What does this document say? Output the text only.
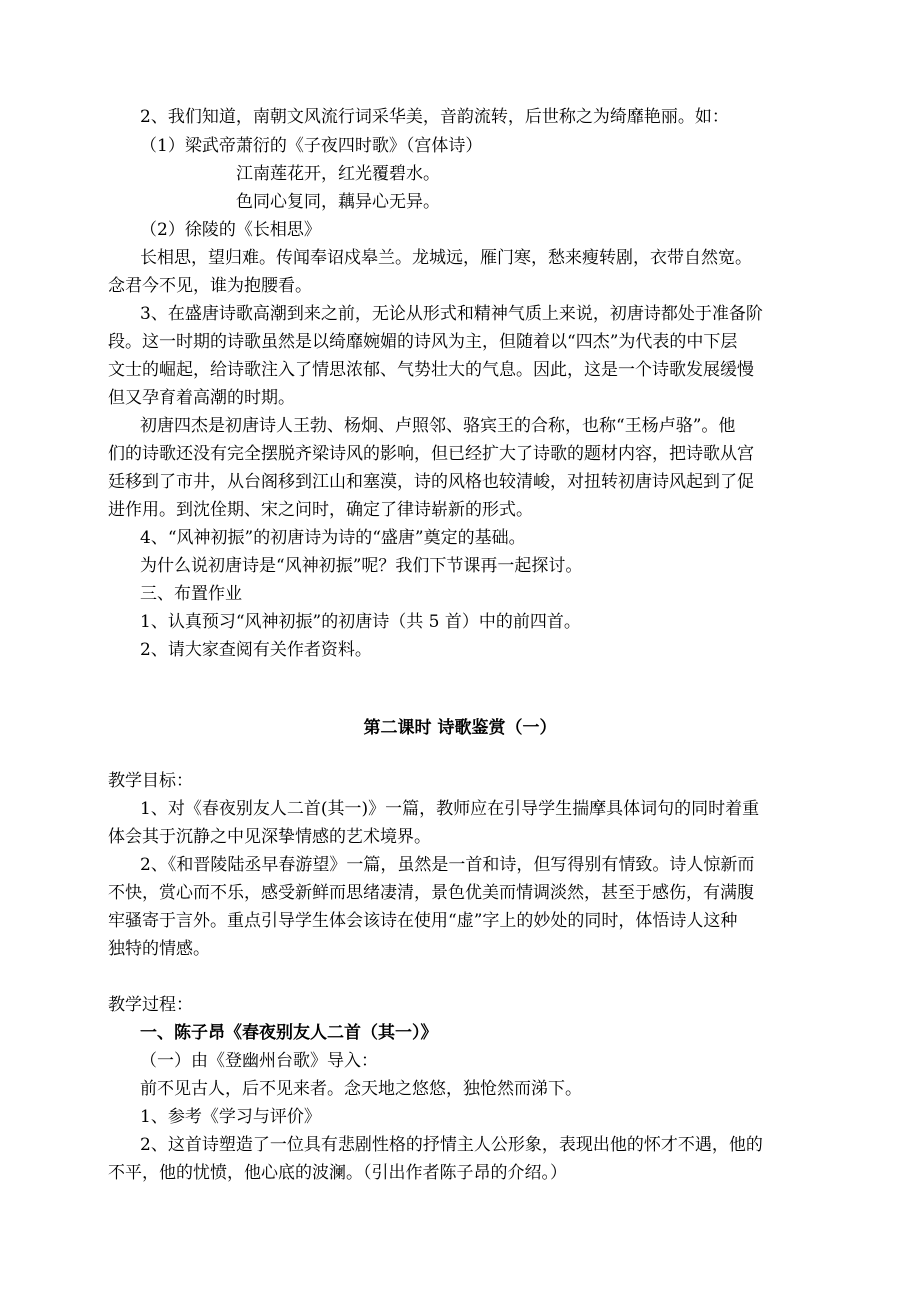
2、我们知道，南朝文风流行词采华美，音韵流转，后世称之为绮靡艳丽。如：
（1）梁武帝萧衍的《子夜四时歌》（宫体诗）
江南莲花开，红光覆碧水。
色同心复同，藕异心无异。
（2）徐陵的《长相思》
长相思，望归难。传闻奉诏戍皋兰。龙城远，雁门寒，愁来瘦转剧，衣带自然宽。
念君今不见，谁为抱腰看。
3、在盛唐诗歌高潮到来之前，无论从形式和精神气质上来说，初唐诗都处于准备阶
段。这一时期的诗歌虽然是以绮靡婉媚的诗风为主，但随着以“四杰”为代表的中下层
文士的崛起，给诗歌注入了情思浓郁、气势壮大的气息。因此，这是一个诗歌发展缓慢
但又孕育着高潮的时期。
初唐四杰是初唐诗人王勃、杨炯、卢照邻、骆宾王的合称，也称“王杨卢骆”。他
们的诗歌还没有完全摆脱齐梁诗风的影响，但已经扩大了诗歌的题材内容，把诗歌从宫
廷移到了市井，从台阁移到江山和塞漠，诗的风格也较清峻，对扭转初唐诗风起到了促
进作用。到沈佺期、宋之问时，确定了律诗崭新的形式。
4、“风神初振”的初唐诗为诗的“盛唐”奠定的基础。
为什么说初唐诗是“风神初振”呢？我们下节课再一起探讨。
三、布置作业
1、认真预习“风神初振”的初唐诗（共 5 首）中的前四首。
2、请大家查阅有关作者资料。
第二课时 诗歌鉴赏（一）
教学目标：
1、对《春夜别友人二首(其一)》一篇，教师应在引导学生揣摩具体词句的同时着重
体会其于沉静之中见深挚情感的艺术境界。
2、《和晋陵陆丞早春游望》一篇，虽然是一首和诗，但写得别有情致。诗人惊新而
不快，赏心而不乐，感受新鲜而思绪凄清，景色优美而情调淡然，甚至于感伤，有满腹
牢骚寄于言外。重点引导学生体会该诗在使用“虚”字上的妙处的同时，体悟诗人这种
独特的情感。
教学过程：
一、陈子昂《春夜别友人二首（其一）》
（一）由《登幽州台歌》导入：
前不见古人，后不见来者。念天地之悠悠，独怆然而涕下。
1、参考《学习与评价》
2、这首诗塑造了一位具有悲剧性格的抒情主人公形象，表现出他的怀才不遇，他的
不平，他的忧愤，他心底的波澜。（引出作者陈子昂的介绍。）
